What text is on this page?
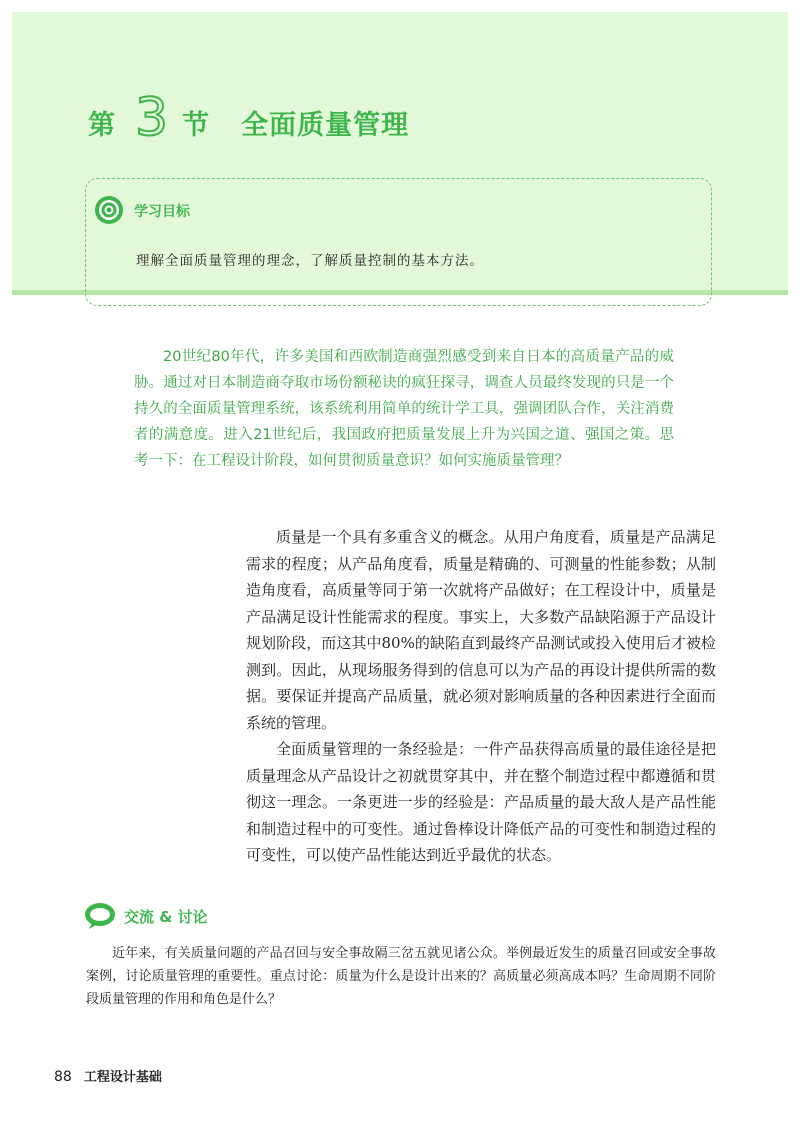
第 3 节 全面质量管理
学习目标
理解全面质量管理的理念，了解质量控制的基本方法。

20世纪80年代，许多美国和西欧制造商强烈感受到来自日本的高质量产品的威胁。通过对日本制造商夺取市场份额秘诀的疯狂探寻，调查人员最终发现的只是一个持久的全面质量管理系统，该系统利用简单的统计学工具，强调团队合作，关注消费者的满意度。进入21世纪后，我国政府把质量发展上升为兴国之道、强国之策。思考一下：在工程设计阶段，如何贯彻质量意识？如何实施质量管理？

质量是一个具有多重含义的概念。从用户角度看，质量是产品满足需求的程度；从产品角度看，质量是精确的、可测量的性能参数；从制造角度看，高质量等同于第一次就将产品做好；在工程设计中，质量是产品满足设计性能需求的程度。事实上，大多数产品缺陷源于产品设计规划阶段，而这其中80%的缺陷直到最终产品测试或投入使用后才被检测到。因此，从现场服务得到的信息可以为产品的再设计提供所需的数据。要保证并提高产品质量，就必须对影响质量的各种因素进行全面而系统的管理。

全面质量管理的一条经验是：一件产品获得高质量的最佳途径是把质量理念从产品设计之初就贯穿其中，并在整个制造过程中都遵循和贯彻这一理念。一条更进一步的经验是：产品质量的最大敌人是产品性能和制造过程中的可变性。通过鲁棒设计降低产品的可变性和制造过程的可变性，可以使产品性能达到近乎最优的状态。

交流 & 讨论

近年来，有关质量问题的产品召回与安全事故隔三岔五就见诸公众。举例最近发生的质量召回或安全事故案例，讨论质量管理的重要性。重点讨论：质量为什么是设计出来的？高质量必须高成本吗？生命周期不同阶段质量管理的作用和角色是什么？

88 工程设计基础
